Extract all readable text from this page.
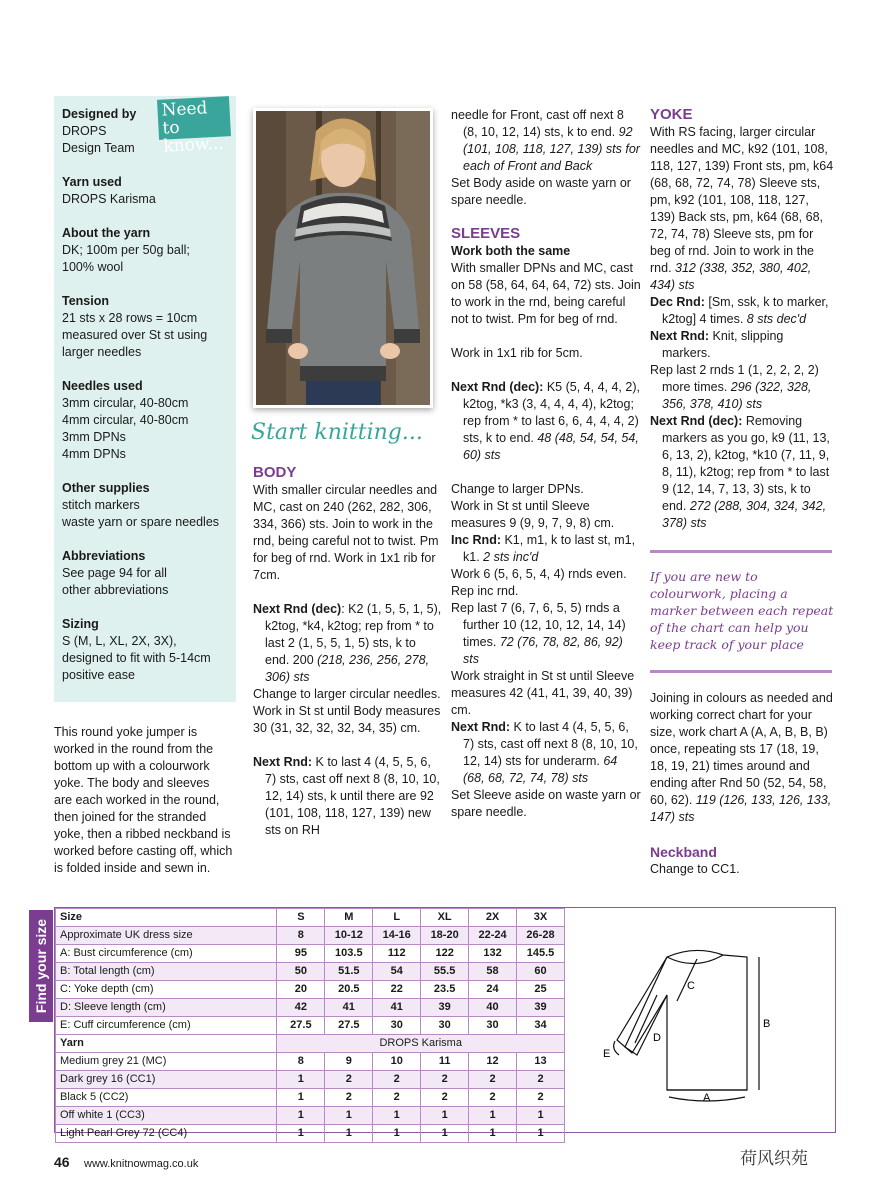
Designed by
DROPS
Design Team
Yarn used
DROPS Karisma
About the yarn
DK; 100m per 50g ball;
100% wool
Tension
21 sts x 28 rows = 10cm
measured over St st using
larger needles
Needles used
3mm circular, 40-80cm
4mm circular, 40-80cm
3mm DPNs
4mm DPNs
Other supplies
stitch markers
waste yarn or spare needles
Abbreviations
See page 94 for all
other abbreviations
Sizing
S (M, L, XL, 2X, 3X),
designed to fit with 5-14cm
positive ease
Need to
know...
This round yoke jumper is
worked in the round from the
bottom up with a colourwork
yoke. The body and sleeves
are each worked in the round,
then joined for the stranded
yoke, then a ribbed neckband is
worked before casting off, which
is folded inside and sewn in.
Start knitting...
BODY

With smaller circular needles and MC, cast on 240 (262, 282, 306, 334, 366) sts. Join to work in the rnd, being careful not to twist. Pm for beg of rnd. Work in 1x1 rib for 7cm.

Next Rnd (dec): K2 (1, 5, 5, 1, 5), k2tog, *k4, k2tog; rep from * to last 2 (1, 5, 5, 1, 5) sts, k to end. 200 (218, 236, 256, 278, 306) sts

Change to larger circular needles.

Work in St st until Body measures 30 (31, 32, 32, 32, 34, 35) cm.

Next Rnd: K to last 4 (4, 5, 5, 6, 7) sts, cast off next 8 (8, 10, 10, 12, 14) sts, k until there are 92 (101, 108, 118, 127, 139) new sts on RH

needle for Front, cast off next 8 (8, 10, 12, 14) sts, k to end. 92 (101, 108, 118, 127, 139) sts for each of Front and Back

Set Body aside on waste yarn or spare needle.

SLEEVES

Work both the same

With smaller DPNs and MC, cast on 58 (58, 64, 64, 64, 72) sts. Join to work in the rnd, being careful not to twist. Pm for beg of rnd.

Work in 1x1 rib for 5cm.

Next Rnd (dec): K5 (5, 4, 4, 4, 2), k2tog, *k3 (3, 4, 4, 4, 4), k2tog; rep from * to last 6, 6, 4, 4, 4, 2) sts, k to end. 48 (48, 54, 54, 54, 60) sts

Change to larger DPNs.

Work in St st until Sleeve measures 9 (9, 9, 7, 9, 8) cm.

Inc Rnd: K1, m1, k to last st, m1, k1. 2 sts inc'd

Work 6 (5, 6, 5, 4, 4) rnds even.

Rep inc rnd.

Rep last 7 (6, 7, 6, 5, 5) rnds a further 10 (12, 10, 12, 14, 14) times. 72 (76, 78, 82, 86, 92) sts

Work straight in St st until Sleeve measures 42 (41, 41, 39, 40, 39) cm.

Next Rnd: K to last 4 (4, 5, 5, 6, 7) sts, cast off next 8 (8, 10, 10, 12, 14) sts for underarm. 64 (68, 68, 72, 74, 78) sts

Set Sleeve aside on waste yarn or spare needle.

YOKE

With RS facing, larger circular needles and MC, k92 (101, 108, 118, 127, 139) Front sts, pm, k64 (68, 68, 72, 74, 78) Sleeve sts, pm, k92 (101, 108, 118, 127, 139) Back sts, pm, k64 (68, 68, 72, 74, 78) Sleeve sts, pm for beg of rnd. Join to work in the rnd. 312 (338, 352, 380, 402, 434) sts

Dec Rnd: [Sm, ssk, k to marker, k2tog] 4 times. 8 sts dec'd

Next Rnd: Knit, slipping markers.

Rep last 2 rnds 1 (1, 2, 2, 2, 2) more times. 296 (322, 328, 356, 378, 410) sts

Next Rnd (dec): Removing markers as you go, k9 (11, 13, 6, 13, 2), k2tog, *k10 (7, 11, 9, 8, 11), k2tog; rep from * to last 9 (12, 14, 7, 13, 3) sts, k to end. 272 (288, 304, 324, 342, 378) sts

If you are new to colourwork, placing a marker between each repeat of the chart can help you keep track of your place

Joining in colours as needed and working correct chart for your size, work chart A (A, A, B, B, B) once, repeating sts 17 (18, 19, 18, 19, 21) times around and ending after Rnd 50 (52, 54, 58, 60, 62). 119 (126, 133, 126, 133, 147) sts

Neckband

Change to CC1.

Find your size
Size	S	M	L	XL	2X	3X
Approximate UK dress size	8	10-12	14-16	18-20	22-24	26-28
A: Bust circumference (cm)	95	103.5	112	122	132	145.5
B: Total length (cm)	50	51.5	54	55.5	58	60
C: Yoke depth (cm)	20	20.5	22	23.5	24	25
D: Sleeve length (cm)	42	41	41	39	40	39
E: Cuff circumference (cm)	27.5	27.5	30	30	30	34
Yarn	DROPS Karisma					
Medium grey 21 (MC)	8	9	10	11	12	13
Dark grey 16 (CC1)	1	2	2	2	2	2
Black 5 (CC2)	1	2	2	2	2	2
Off white 1 (CC3)	1	1	1	1	1	1
Light Pearl Grey 72 (CC4)	1	1	1	1	1	1
B
A
C
D
E
46 www.knitnowmag.co.uk	荷风织苑
